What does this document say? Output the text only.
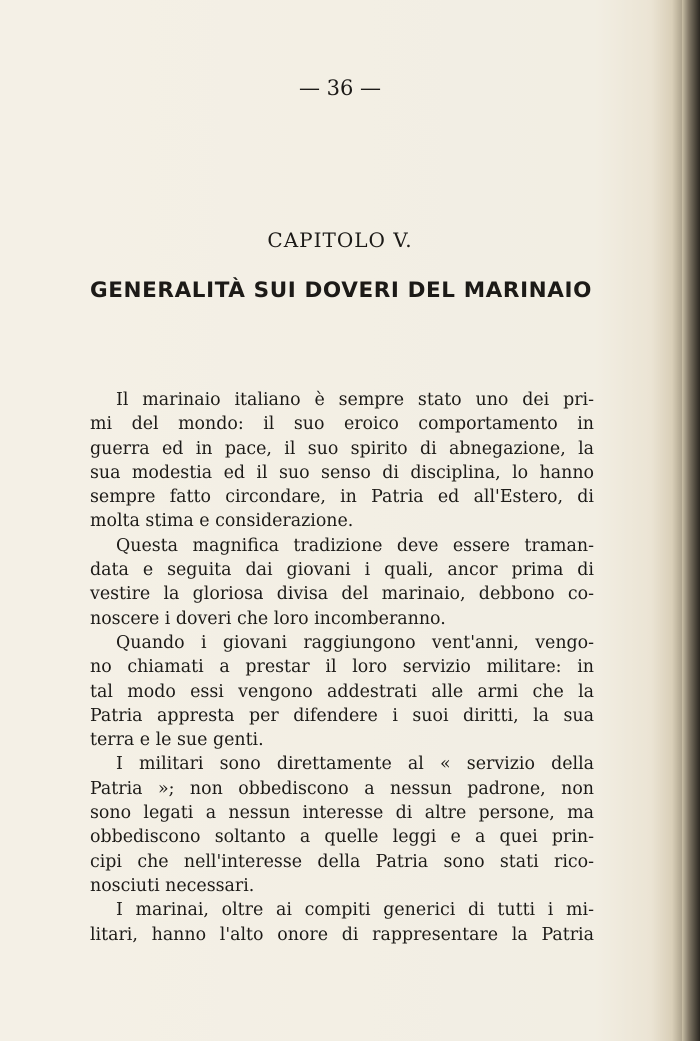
— 36 —
CAPITOLO V.
GENERALITÀ SUI DOVERI DEL MARINAIO
Il marinaio italiano è sempre stato uno dei pri-
mi del mondo: il suo eroico comportamento in
guerra ed in pace, il suo spirito di abnegazione, la
sua modestia ed il suo senso di disciplina, lo hanno
sempre fatto circondare, in Patria ed all'Estero, di
molta stima e considerazione.
Questa magnifica tradizione deve essere traman-
data e seguita dai giovani i quali, ancor prima di
vestire la gloriosa divisa del marinaio, debbono co-
noscere i doveri che loro incomberanno.
Quando i giovani raggiungono vent'anni, vengo-
no chiamati a prestar il loro servizio militare: in
tal modo essi vengono addestrati alle armi che la
Patria appresta per difendere i suoi diritti, la sua
terra e le sue genti.
I militari sono direttamente al « servizio della
Patria »; non obbediscono a nessun padrone, non
sono legati a nessun interesse di altre persone, ma
obbediscono soltanto a quelle leggi e a quei prin-
cipi che nell'interesse della Patria sono stati rico-
nosciuti necessari.
I marinai, oltre ai compiti generici di tutti i mi-
litari, hanno l'alto onore di rappresentare la Patria
